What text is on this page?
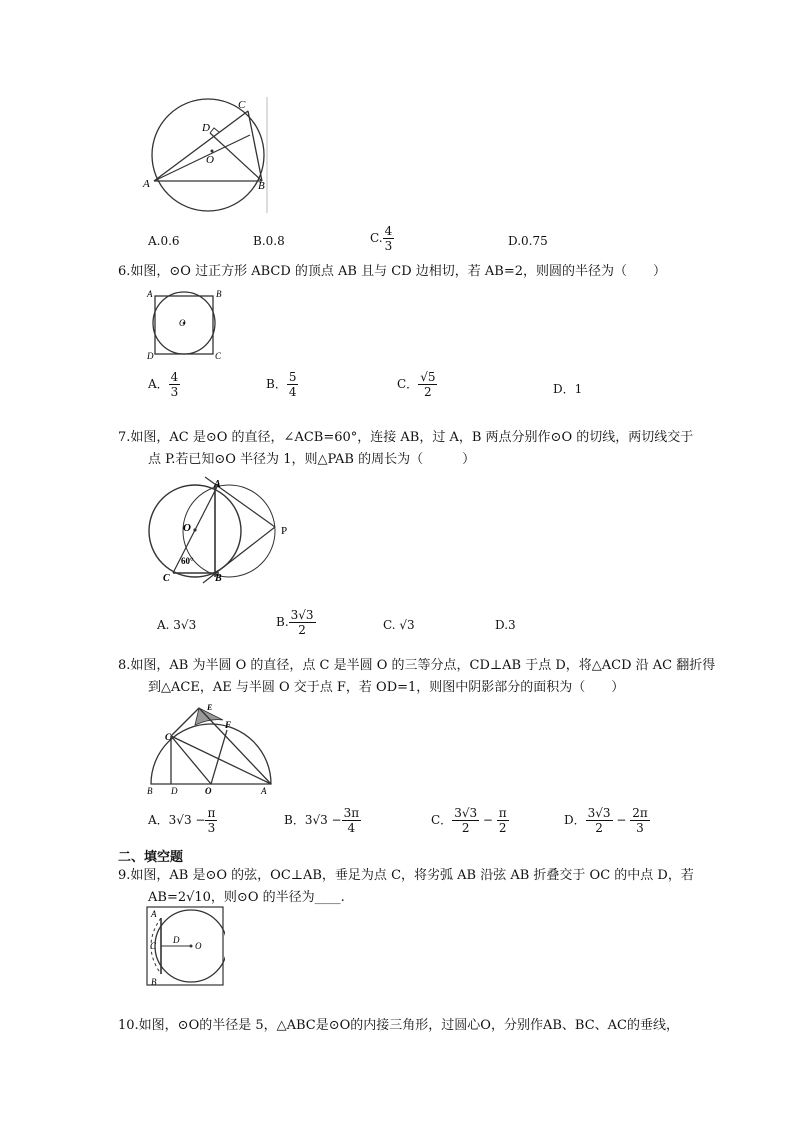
C
D
O
A	B
A.0.6	B.0.8	C. $\frac{4}{3}$	D.0.75
6.如图，⊙O 过正方形 ABCD 的顶点 AB 且与 CD 边相切，若 AB=2，则圆的半径为（　　）
A	B
O
D	C
A． $\frac{4}{3}$	B． $\frac{5}{4}$	C． $\frac{√5}{2}$	D．1
7.如图，AC 是⊙O 的直径，∠ACB=60°，连接 AB，过 A，B 两点分别作⊙O 的切线，两切线交于
点 P.若已知⊙O 半径为 1，则△PAB 的周长为（　　　）
A
O	P
60°
C	B
A. 3√3	B. $\frac{3√3}{2}$	C. √3	D.3
8.如图，AB 为半圆 O 的直径，点 C 是半圆 O 的三等分点，CD⊥AB 于点 D，将△ACD 沿 AC 翻折得
到△ACE，AE 与半圆 O 交于点 F，若 OD=1，则图中阴影部分的面积为（　　）
E
F
C
B D	O	A
A．$3√3 - \frac{\pi}{3}$	B．$3√3 - \frac{3\pi}{4}$	C． $\frac{3√3}{2} - \frac{\pi}{2}$	D． $\frac{3√3}{2} - \frac{2\pi}{3}$
二、填空题
9.如图，AB 是⊙O 的弦，OC⊥AB，垂足为点 C，将劣弧 AB 沿弦 AB 折叠交于 OC 的中点 D，若
AB=2√10，则⊙O 的半径为____.
A
C
D
O
B
10.如图，⊙O的半径是 5，△ABC是⊙O的内接三角形，过圆心O，分别作AB、BC、AC的垂线，
